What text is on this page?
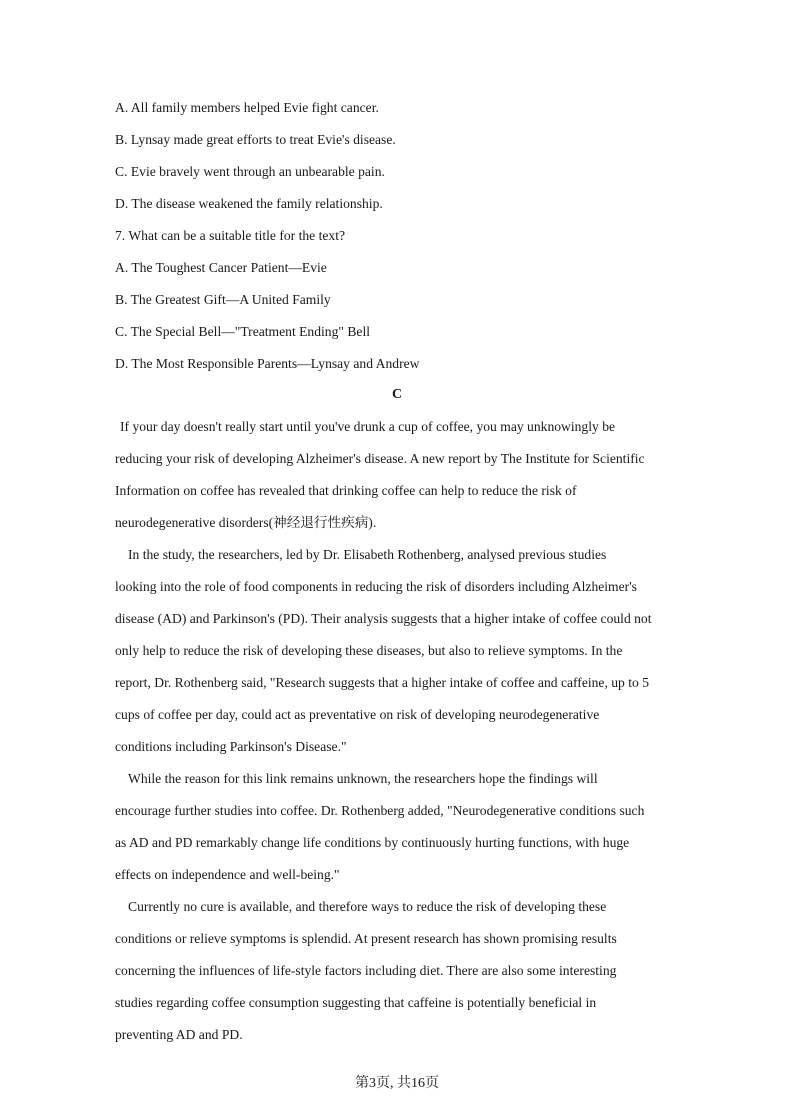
A. All family members helped Evie fight cancer.
B. Lynsay made great efforts to treat Evie's disease.
C. Evie bravely went through an unbearable pain.
D. The disease weakened the family relationship.
7. What can be a suitable title for the text?
A. The Toughest Cancer Patient—Evie
B. The Greatest Gift—A United Family
C. The Special Bell—"Treatment Ending" Bell
D. The Most Responsible Parents—Lynsay and Andrew
C
If your day doesn't really start until you've drunk a cup of coffee, you may unknowingly be
reducing your risk of developing Alzheimer's disease. A new report by The Institute for Scientific
Information on coffee has revealed that drinking coffee can help to reduce the risk of
neurodegenerative disorders(神经退行性疾病).
In the study, the researchers, led by Dr. Elisabeth Rothenberg, analysed previous studies
looking into the role of food components in reducing the risk of disorders including Alzheimer's
disease (AD) and Parkinson's (PD). Their analysis suggests that a higher intake of coffee could not
only help to reduce the risk of developing these diseases, but also to relieve symptoms. In the
report, Dr. Rothenberg said, "Research suggests that a higher intake of coffee and caffeine, up to 5
cups of coffee per day, could act as preventative on risk of developing neurodegenerative
conditions including Parkinson's Disease."
While the reason for this link remains unknown, the researchers hope the findings will
encourage further studies into coffee. Dr. Rothenberg added, "Neurodegenerative conditions such
as AD and PD remarkably change life conditions by continuously hurting functions, with huge
effects on independence and well-being."
Currently no cure is available, and therefore ways to reduce the risk of developing these
conditions or relieve symptoms is splendid. At present research has shown promising results
concerning the influences of life-style factors including diet. There are also some interesting
studies regarding coffee consumption suggesting that caffeine is potentially beneficial in
preventing AD and PD.
第3页, 共16页
